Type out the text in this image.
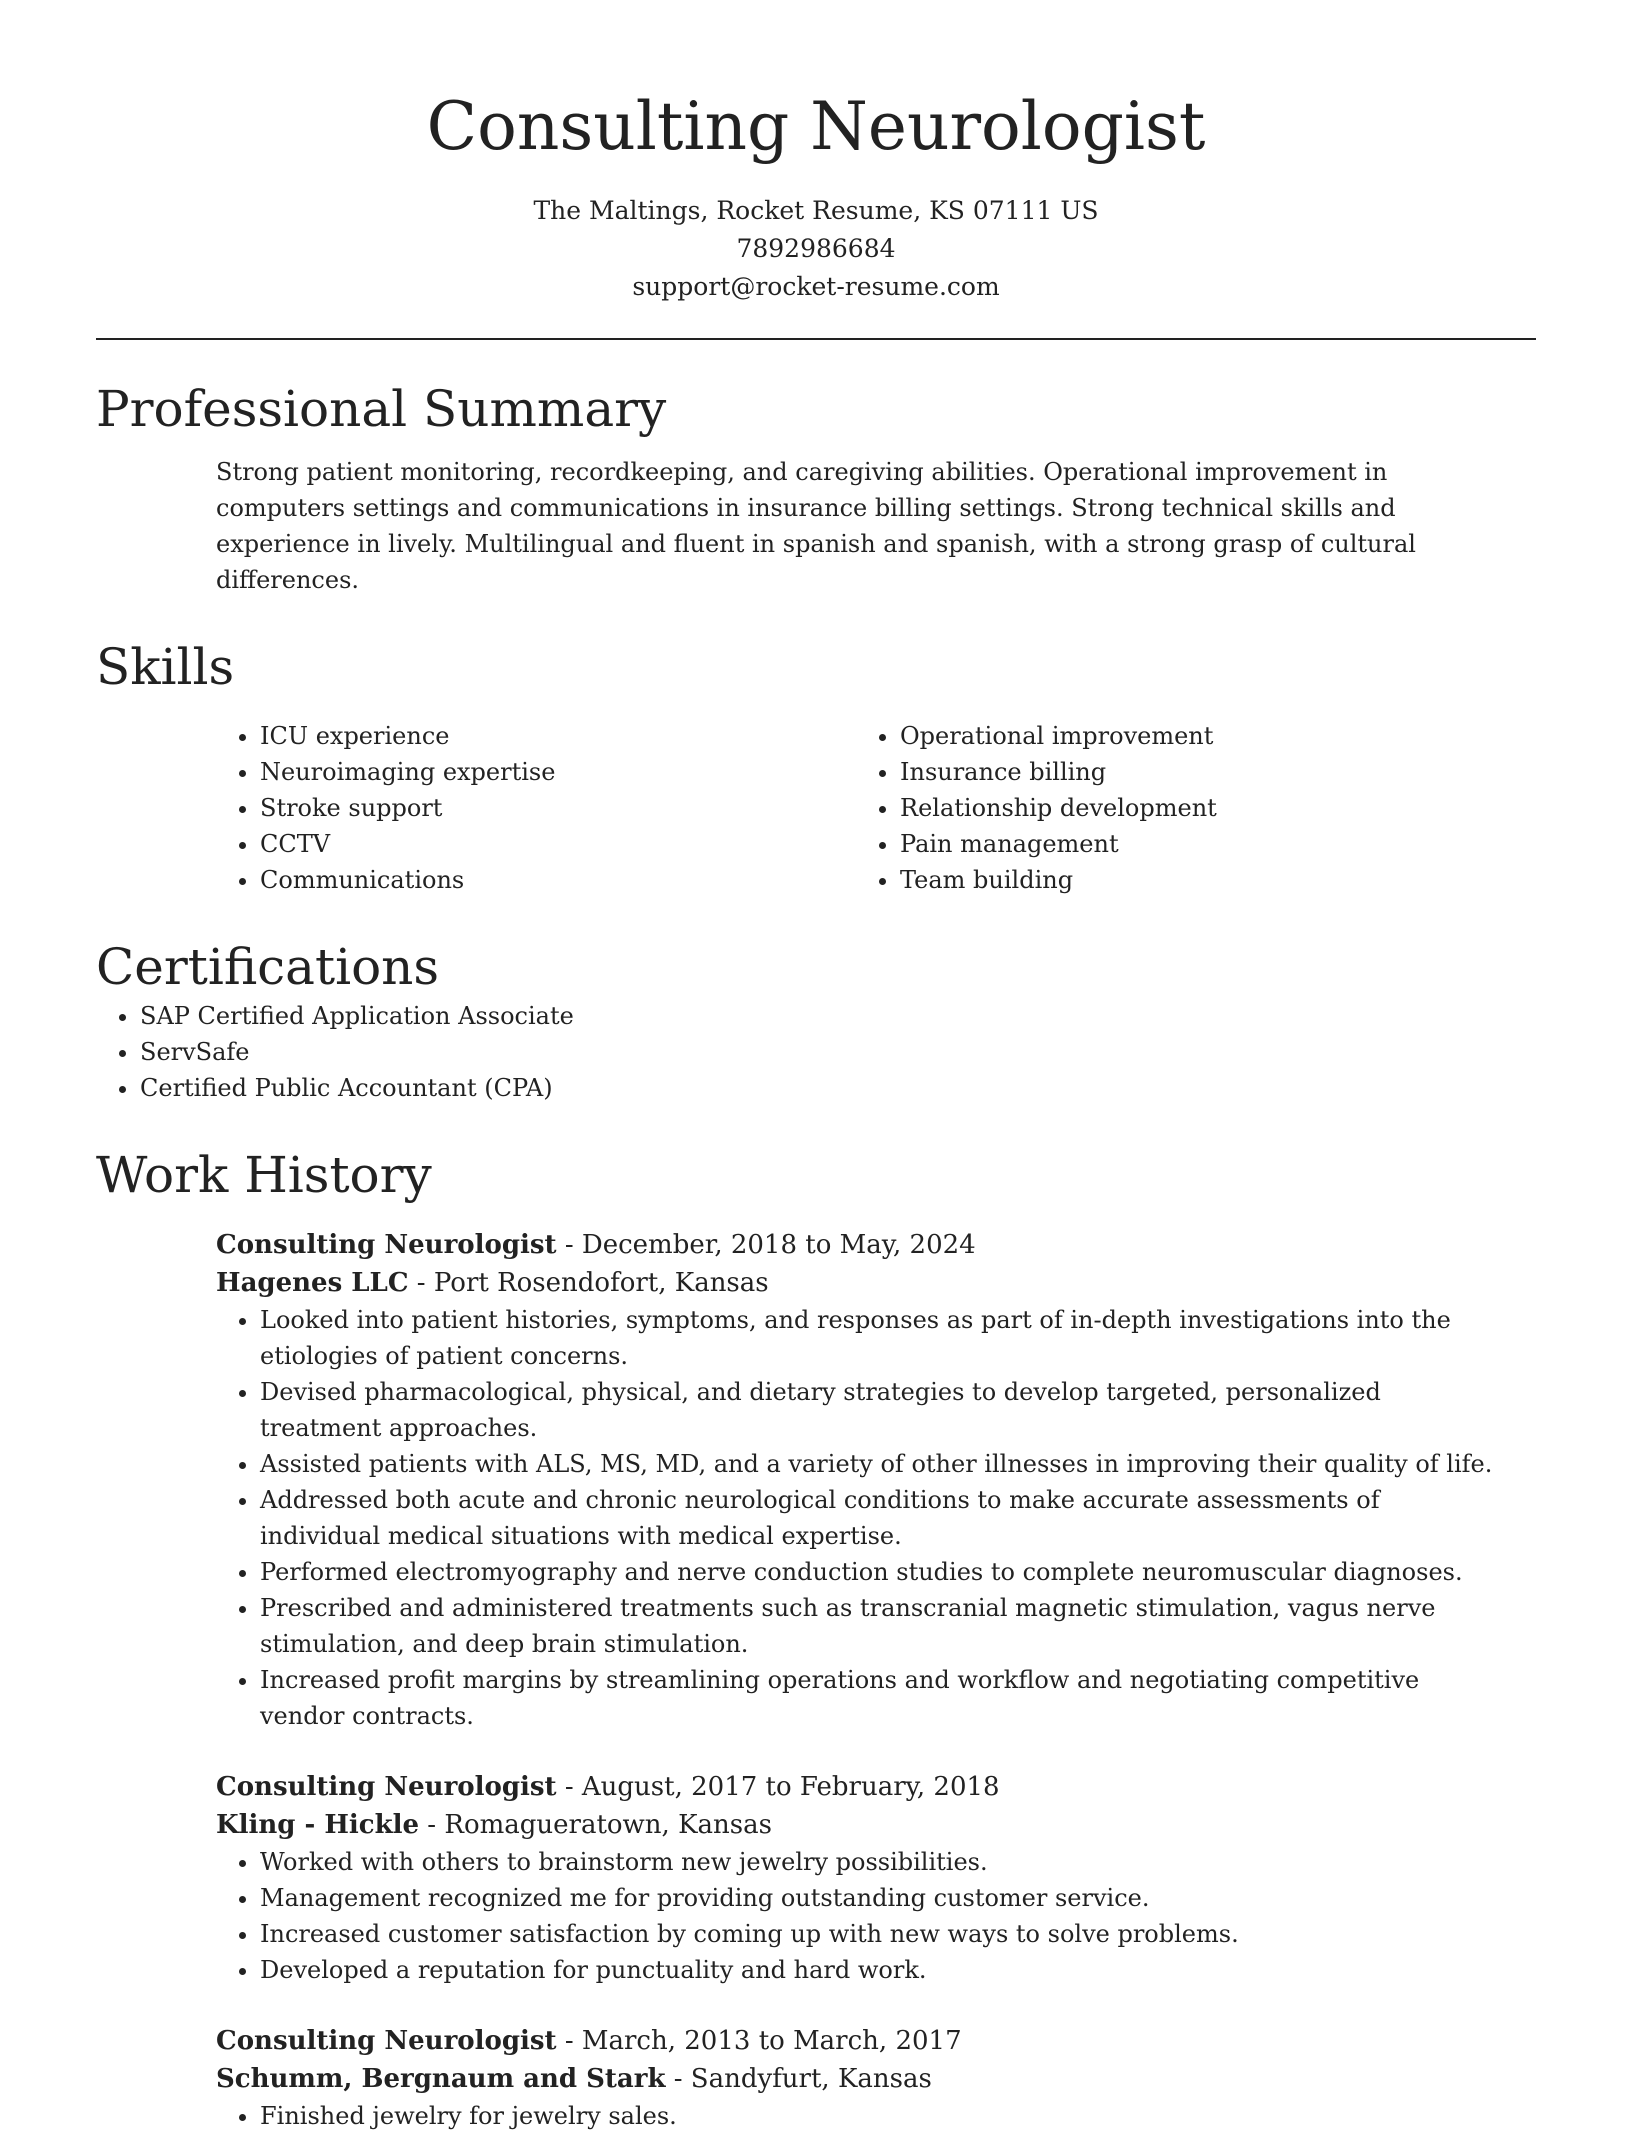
Consulting Neurologist
The Maltings, Rocket Resume, KS 07111 US
7892986684
support@rocket-resume.com
Professional Summary
Strong patient monitoring, recordkeeping, and caregiving abilities. Operational improvement in computers settings and communications in insurance billing settings. Strong technical skills and experience in lively. Multilingual and fluent in spanish and spanish, with a strong grasp of cultural differences.
Skills
• ICU experience
• Neuroimaging expertise
• Stroke support
• CCTV
• Communications
• Operational improvement
• Insurance billing
• Relationship development
• Pain management
• Team building
Certifications
• SAP Certified Application Associate
• ServSafe
• Certified Public Accountant (CPA)
Work History
Consulting Neurologist - December, 2018 to May, 2024
Hagenes LLC - Port Rosendofort, Kansas
• Looked into patient histories, symptoms, and responses as part of in-depth investigations into the etiologies of patient concerns.
• Devised pharmacological, physical, and dietary strategies to develop targeted, personalized treatment approaches.
• Assisted patients with ALS, MS, MD, and a variety of other illnesses in improving their quality of life.
• Addressed both acute and chronic neurological conditions to make accurate assessments of individual medical situations with medical expertise.
• Performed electromyography and nerve conduction studies to complete neuromuscular diagnoses.
• Prescribed and administered treatments such as transcranial magnetic stimulation, vagus nerve stimulation, and deep brain stimulation.
• Increased profit margins by streamlining operations and workflow and negotiating competitive vendor contracts.
Consulting Neurologist - August, 2017 to February, 2018
Kling - Hickle - Romagueratown, Kansas
• Worked with others to brainstorm new jewelry possibilities.
• Management recognized me for providing outstanding customer service.
• Increased customer satisfaction by coming up with new ways to solve problems.
• Developed a reputation for punctuality and hard work.
Consulting Neurologist - March, 2013 to March, 2017
Schumm, Bergnaum and Stark - Sandyfurt, Kansas
• Finished jewelry for jewelry sales.
